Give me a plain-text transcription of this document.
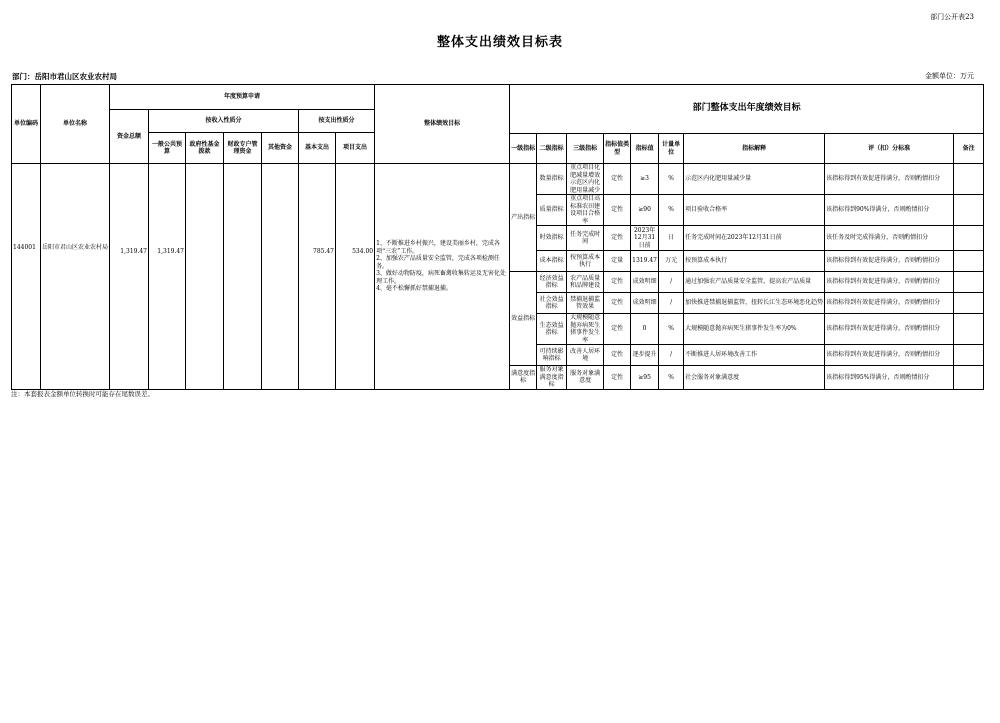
部门公开表23
整体支出绩效目标表
部门：岳阳市君山区农业农村局	金额单位：万元
单位编码	单位名称	年度预算申请							整体绩效目标	部门整体支出年度绩效目标								
		资金总额	按收入性质分				按支出性质分											
			一般公共预算	政府性基金拨款	财政专户管理资金	其他资金	基本支出	项目支出										
										一级指标	二级指标	三级指标	指标值类型	指标值	计量单位	指标解释	评（扣）分标准	备注
144001	岳阳市君山区农业农村局	1,319.47	1,319.47				785.47	534.00	1、不断推进乡村振兴，建设美丽乡村，完成各项“三农”工作。
2、加强农产品质量安全监管，完成各项检测任务。
3、做好动物防疫，病死畜禽收集转运及无害化处理工作。
4、毫不松懈抓好禁捕退捕。	产出指标	数量指标	重点项目化肥减量增效示范区内化肥用量减少	定性	≥3	%	示范区内化肥用量减少量	该指标得到有效促进得满分，否则酌情扣分	
											质量指标	重点项目高标准农田建设项目合格率	定性	≥90	%	项目验收合格率	该指标得到90%得满分，否则酌情扣分	
											时效指标	任务完成时间	定性	2023年12月31日前	日	任务完成时间在2023年12月31日前	该任务及时完成得满分，否则酌情扣分	
											成本指标	按预算成本执行	定量	1319.47	万元	按预算成本执行	该指标得到有效促进得满分，否则酌情扣分	
										效益指标	经济效益指标	农产品质量和品牌建设	定性	成效明细	/	通过加强农产品质量安全监管，提高农产品质量	该指标得到有效促进得满分，否则酌情扣分	
											社会效益指标	禁捕退捕监管效果	定性	成效明细	/	加快推进禁捕退捕监管，扭转长江生态环境恶化趋势	该指标得到有效促进得满分，否则酌情扣分	
											生态效益指标	大规模随意抛弃病死生猪事件发生率	定性	0	%	大规模随意抛弃病死生猪事件发生率为0%	该指标得到有效促进得满分，否则酌情扣分	
											可持续影响指标	改善人居环境	定性	逐步提升	/	不断推进人居环境改善工作	该指标得到有效促进得满分，否则酌情扣分	
										满意度指标	服务对象满意度指标	服务对象满意度	定性	≥95	%	社会服务对象满意度	该指标得到95%得满分，否则酌情扣分	
注：本套报表金额单位转换时可能存在尾数误差。
